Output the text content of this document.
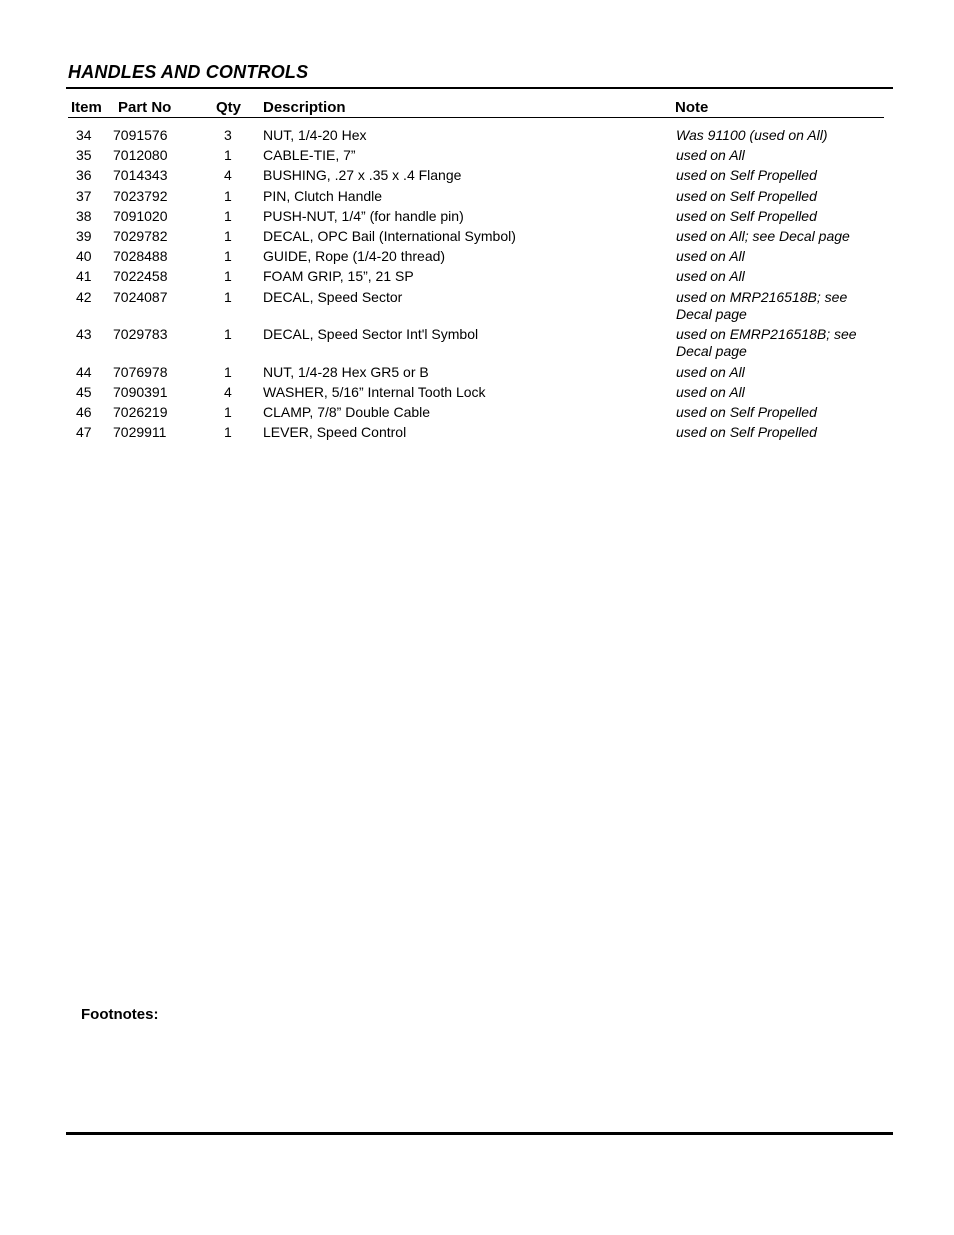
HANDLES AND CONTROLS
Item Part No	Qty Description	Note
34 7091576	3 NUT, 1/4-20 Hex	Was 91100 (used on All)
35 7012080	1 CABLE-TIE, 7”	used on All
36 7014343	4 BUSHING, .27 x .35 x .4 Flange	used on Self Propelled
37 7023792	1 PIN, Clutch Handle	used on Self Propelled
38 7091020	1 PUSH-NUT, 1/4” (for handle pin)	used on Self Propelled
39 7029782	1 DECAL, OPC Bail (International Symbol)	used on All; see Decal page
40 7028488	1 GUIDE, Rope (1/4-20 thread)	used on All
41 7022458	1 FOAM GRIP, 15”, 21 SP	used on All
42 7024087	1 DECAL, Speed Sector	used on MRP216518B; see
Decal page
43 7029783	1 DECAL, Speed Sector Int'l Symbol	used on EMRP216518B; see
Decal page
44 7076978	1 NUT, 1/4-28 Hex GR5 or B	used on All
45 7090391	4 WASHER, 5/16” Internal Tooth Lock	used on All
46 7026219	1 CLAMP, 7/8” Double Cable	used on Self Propelled
47 7029911	1 LEVER, Speed Control	used on Self Propelled
Footnotes:
